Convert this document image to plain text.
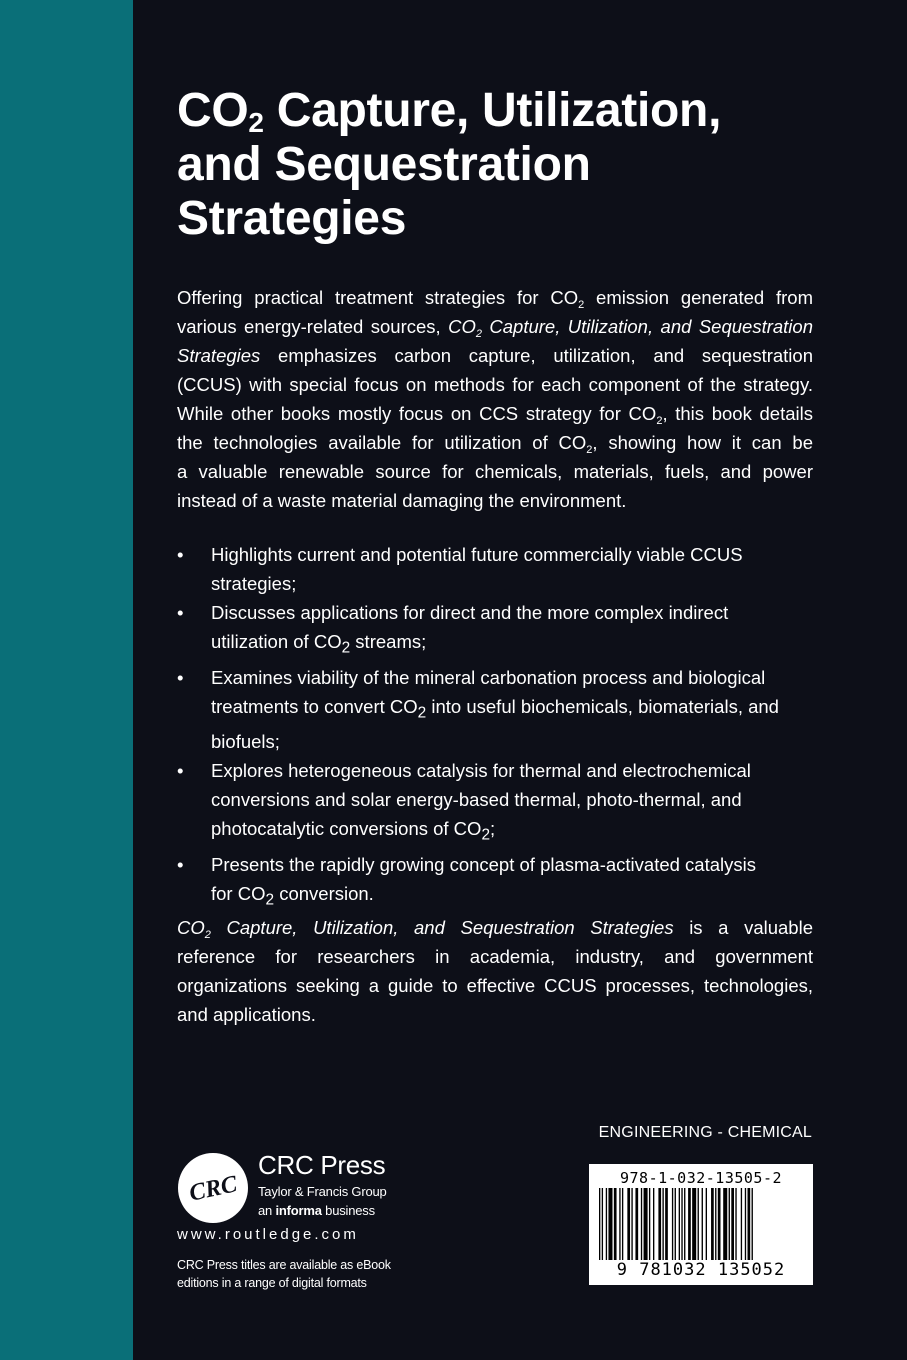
$CO_2$ Capture, Utilization,
and Sequestration
Strategies
Offering practical treatment strategies for $CO_2$ emission generated from
various energy-related sources, $CO_2$ Capture, Utilization, and Sequestration
Strategies emphasizes carbon capture, utilization, and sequestration
(CCUS) with special focus on methods for each component of the strategy.
While other books mostly focus on CCS strategy for $CO_2$, this book details
the technologies available for utilization of $CO_2$, showing how it can be
a valuable renewable source for chemicals, materials, fuels, and power
instead of a waste material damaging the environment.
• Highlights current and potential future commercially viable CCUS
strategies;
• Discusses applications for direct and the more complex indirect
utilization of $CO_2$ streams;
• Examines viability of the mineral carbonation process and biological
treatments to convert $CO_2$ into useful biochemicals, biomaterials, and
biofuels;
• Explores heterogeneous catalysis for thermal and electrochemical
conversions and solar energy-based thermal, photo-thermal, and
photocatalytic conversions of $CO_2$;
• Presents the rapidly growing concept of plasma-activated catalysis
for $CO_2$ conversion.
$CO_2$ Capture, Utilization, and Sequestration Strategies is a valuable
reference for researchers in academia, industry, and government
organizations seeking a guide to effective CCUS processes, technologies,
and applications.
ENGINEERING - CHEMICAL
978-1-032-13505-2
9 781032 135052
CRC
CRC Press
Taylor & Francis Group
an informa business
www.routledge.com

CRC Press titles are available as eBook
editions in a range of digital formats
